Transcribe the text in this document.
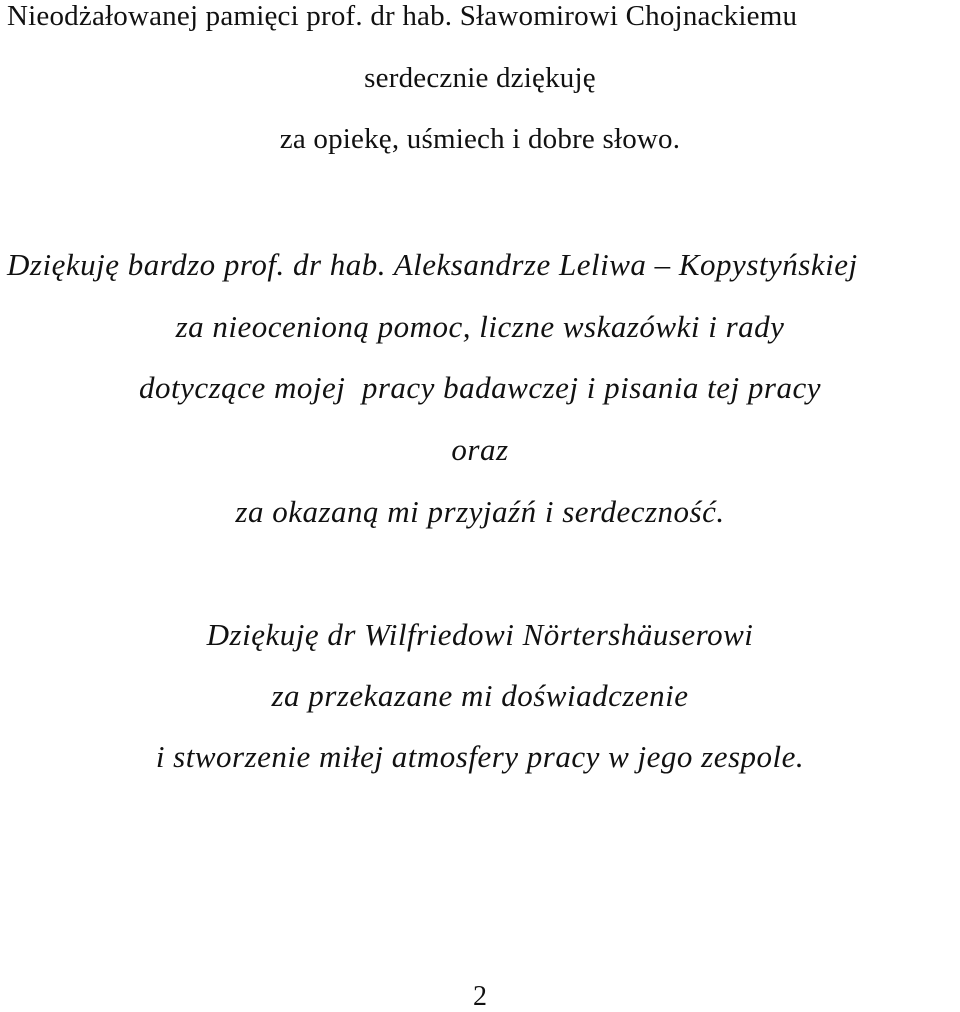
Nieodżałowanej pamięci prof. dr hab. Sławomirowi Chojnackiemu
serdecznie dziękuję
za opiekę, uśmiech i dobre słowo.
Dziękuję bardzo prof. dr hab. Aleksandrze Leliwa – Kopystyńskiej
za nieocenioną pomoc, liczne wskazówki i rady
dotyczące mojej  pracy badawczej i pisania tej pracy
oraz
za okazaną mi przyjaźń i serdeczność.
Dziękuję dr Wilfriedowi Nörtershäuserowi
za przekazane mi doświadczenie
i stworzenie miłej atmosfery pracy w jego zespole.
2
